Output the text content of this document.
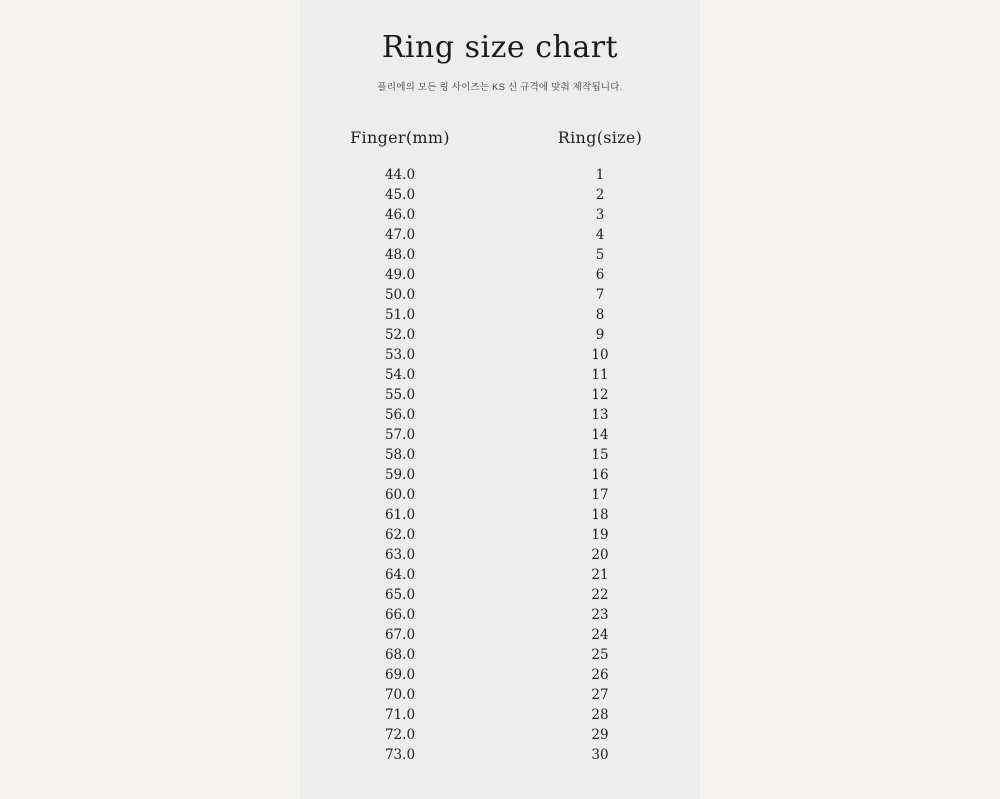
Ring size chart
플리에의 모든 링 사이즈는 KS 신 규격에 맞춰 제작됩니다.
Finger(mm)	Ring(size)
44.0	1
45.0	2
46.0	3
47.0	4
48.0	5
49.0	6
50.0	7
51.0	8
52.0	9
53.0	10
54.0	11
55.0	12
56.0	13
57.0	14
58.0	15
59.0	16
60.0	17
61.0	18
62.0	19
63.0	20
64.0	21
65.0	22
66.0	23
67.0	24
68.0	25
69.0	26
70.0	27
71.0	28
72.0	29
73.0	30
